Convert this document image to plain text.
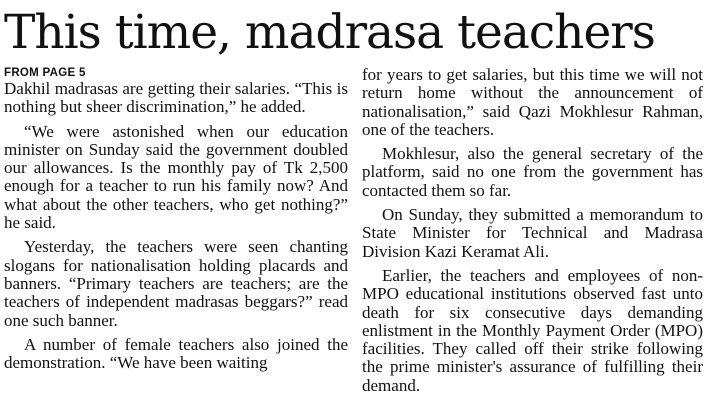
This time, madrasa teachers
FROM PAGE 5

Dakhil madrasas are getting their salaries. “This is nothing but sheer discrimination,” he added.

“We were astonished when our education minister on Sunday said the government doubled our allowances. Is the monthly pay of Tk 2,500 enough for a teacher to run his family now? And what about the other teachers, who get nothing?” he said.

Yesterday, the teachers were seen chanting slogans for nationalisation holding placards and banners. “Primary teachers are teachers; are the teachers of independent madrasas beggars?” read one such banner.

A number of female teachers also joined the demonstration. “We have been waiting

for years to get salaries, but this time we will not return home without the announcement of nationalisation,” said Qazi Mokhlesur Rahman, one of the teachers.

Mokhlesur, also the general secretary of the platform, said no one from the government has contacted them so far.

On Sunday, they submitted a memorandum to State Minister for Technical and Madrasa Division Kazi Keramat Ali.

Earlier, the teachers and employees of non-MPO educational institutions observed fast unto death for six consecutive days demanding enlistment in the Monthly Payment Order (MPO) facilities. They called off their strike following the prime minister's assurance of fulfilling their demand.
